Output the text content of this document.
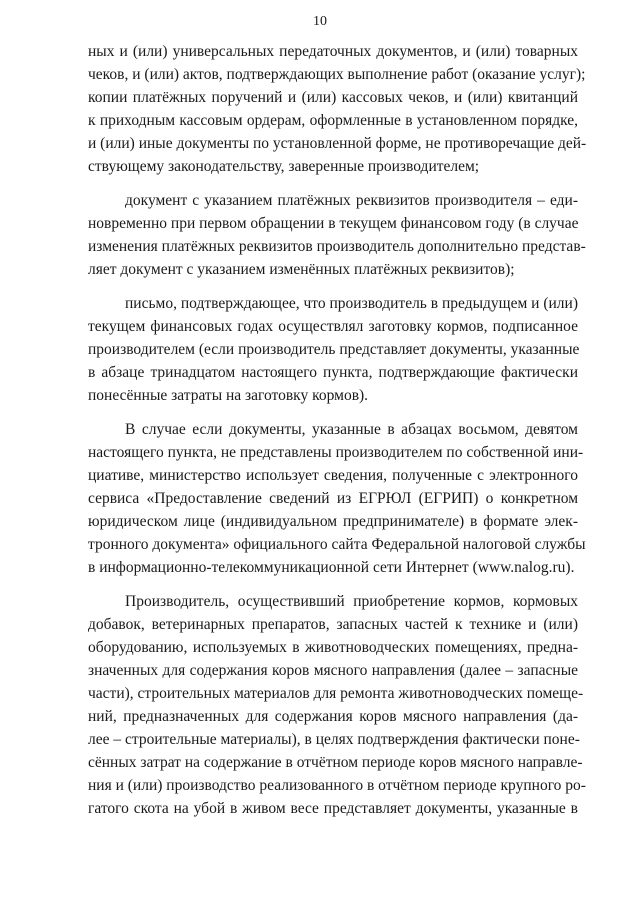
10
ных и (или) универсальных передаточных документов, и (или) товарных
чеков, и (или) актов, подтверждающих выполнение работ (оказание услуг);
копии платёжных поручений и (или) кассовых чеков, и (или) квитанций
к приходным кассовым ордерам, оформленные в установленном порядке,
и (или) иные документы по установленной форме, не противоречащие дей-
ствующему законодательству, заверенные производителем;
документ с указанием платёжных реквизитов производителя – еди-
новременно при первом обращении в текущем финансовом году (в случае
изменения платёжных реквизитов производитель дополнительно представ-
ляет документ с указанием изменённых платёжных реквизитов);
письмо, подтверждающее, что производитель в предыдущем и (или)
текущем финансовых годах осуществлял заготовку кормов, подписанное
производителем (если производитель представляет документы, указанные
в абзаце тринадцатом настоящего пункта, подтверждающие фактически
понесённые затраты на заготовку кормов).
В случае если документы, указанные в абзацах восьмом, девятом
настоящего пункта, не представлены производителем по собственной ини-
циативе, министерство использует сведения, полученные с электронного
сервиса «Предоставление сведений из ЕГРЮЛ (ЕГРИП) о конкретном
юридическом лице (индивидуальном предпринимателе) в формате элек-
тронного документа» официального сайта Федеральной налоговой службы
в информационно-телекоммуникационной сети Интернет (www.nalog.ru).
Производитель, осуществивший приобретение кормов, кормовых
добавок, ветеринарных препаратов, запасных частей к технике и (или)
оборудованию, используемых в животноводческих помещениях, предна-
значенных для содержания коров мясного направления (далее – запасные
части), строительных материалов для ремонта животноводческих помеще-
ний, предназначенных для содержания коров мясного направления (да-
лее – строительные материалы), в целях подтверждения фактически поне-
сённых затрат на содержание в отчётном периоде коров мясного направле-
ния и (или) производство реализованного в отчётном периоде крупного ро-
гатого скота на убой в живом весе представляет документы, указанные в
